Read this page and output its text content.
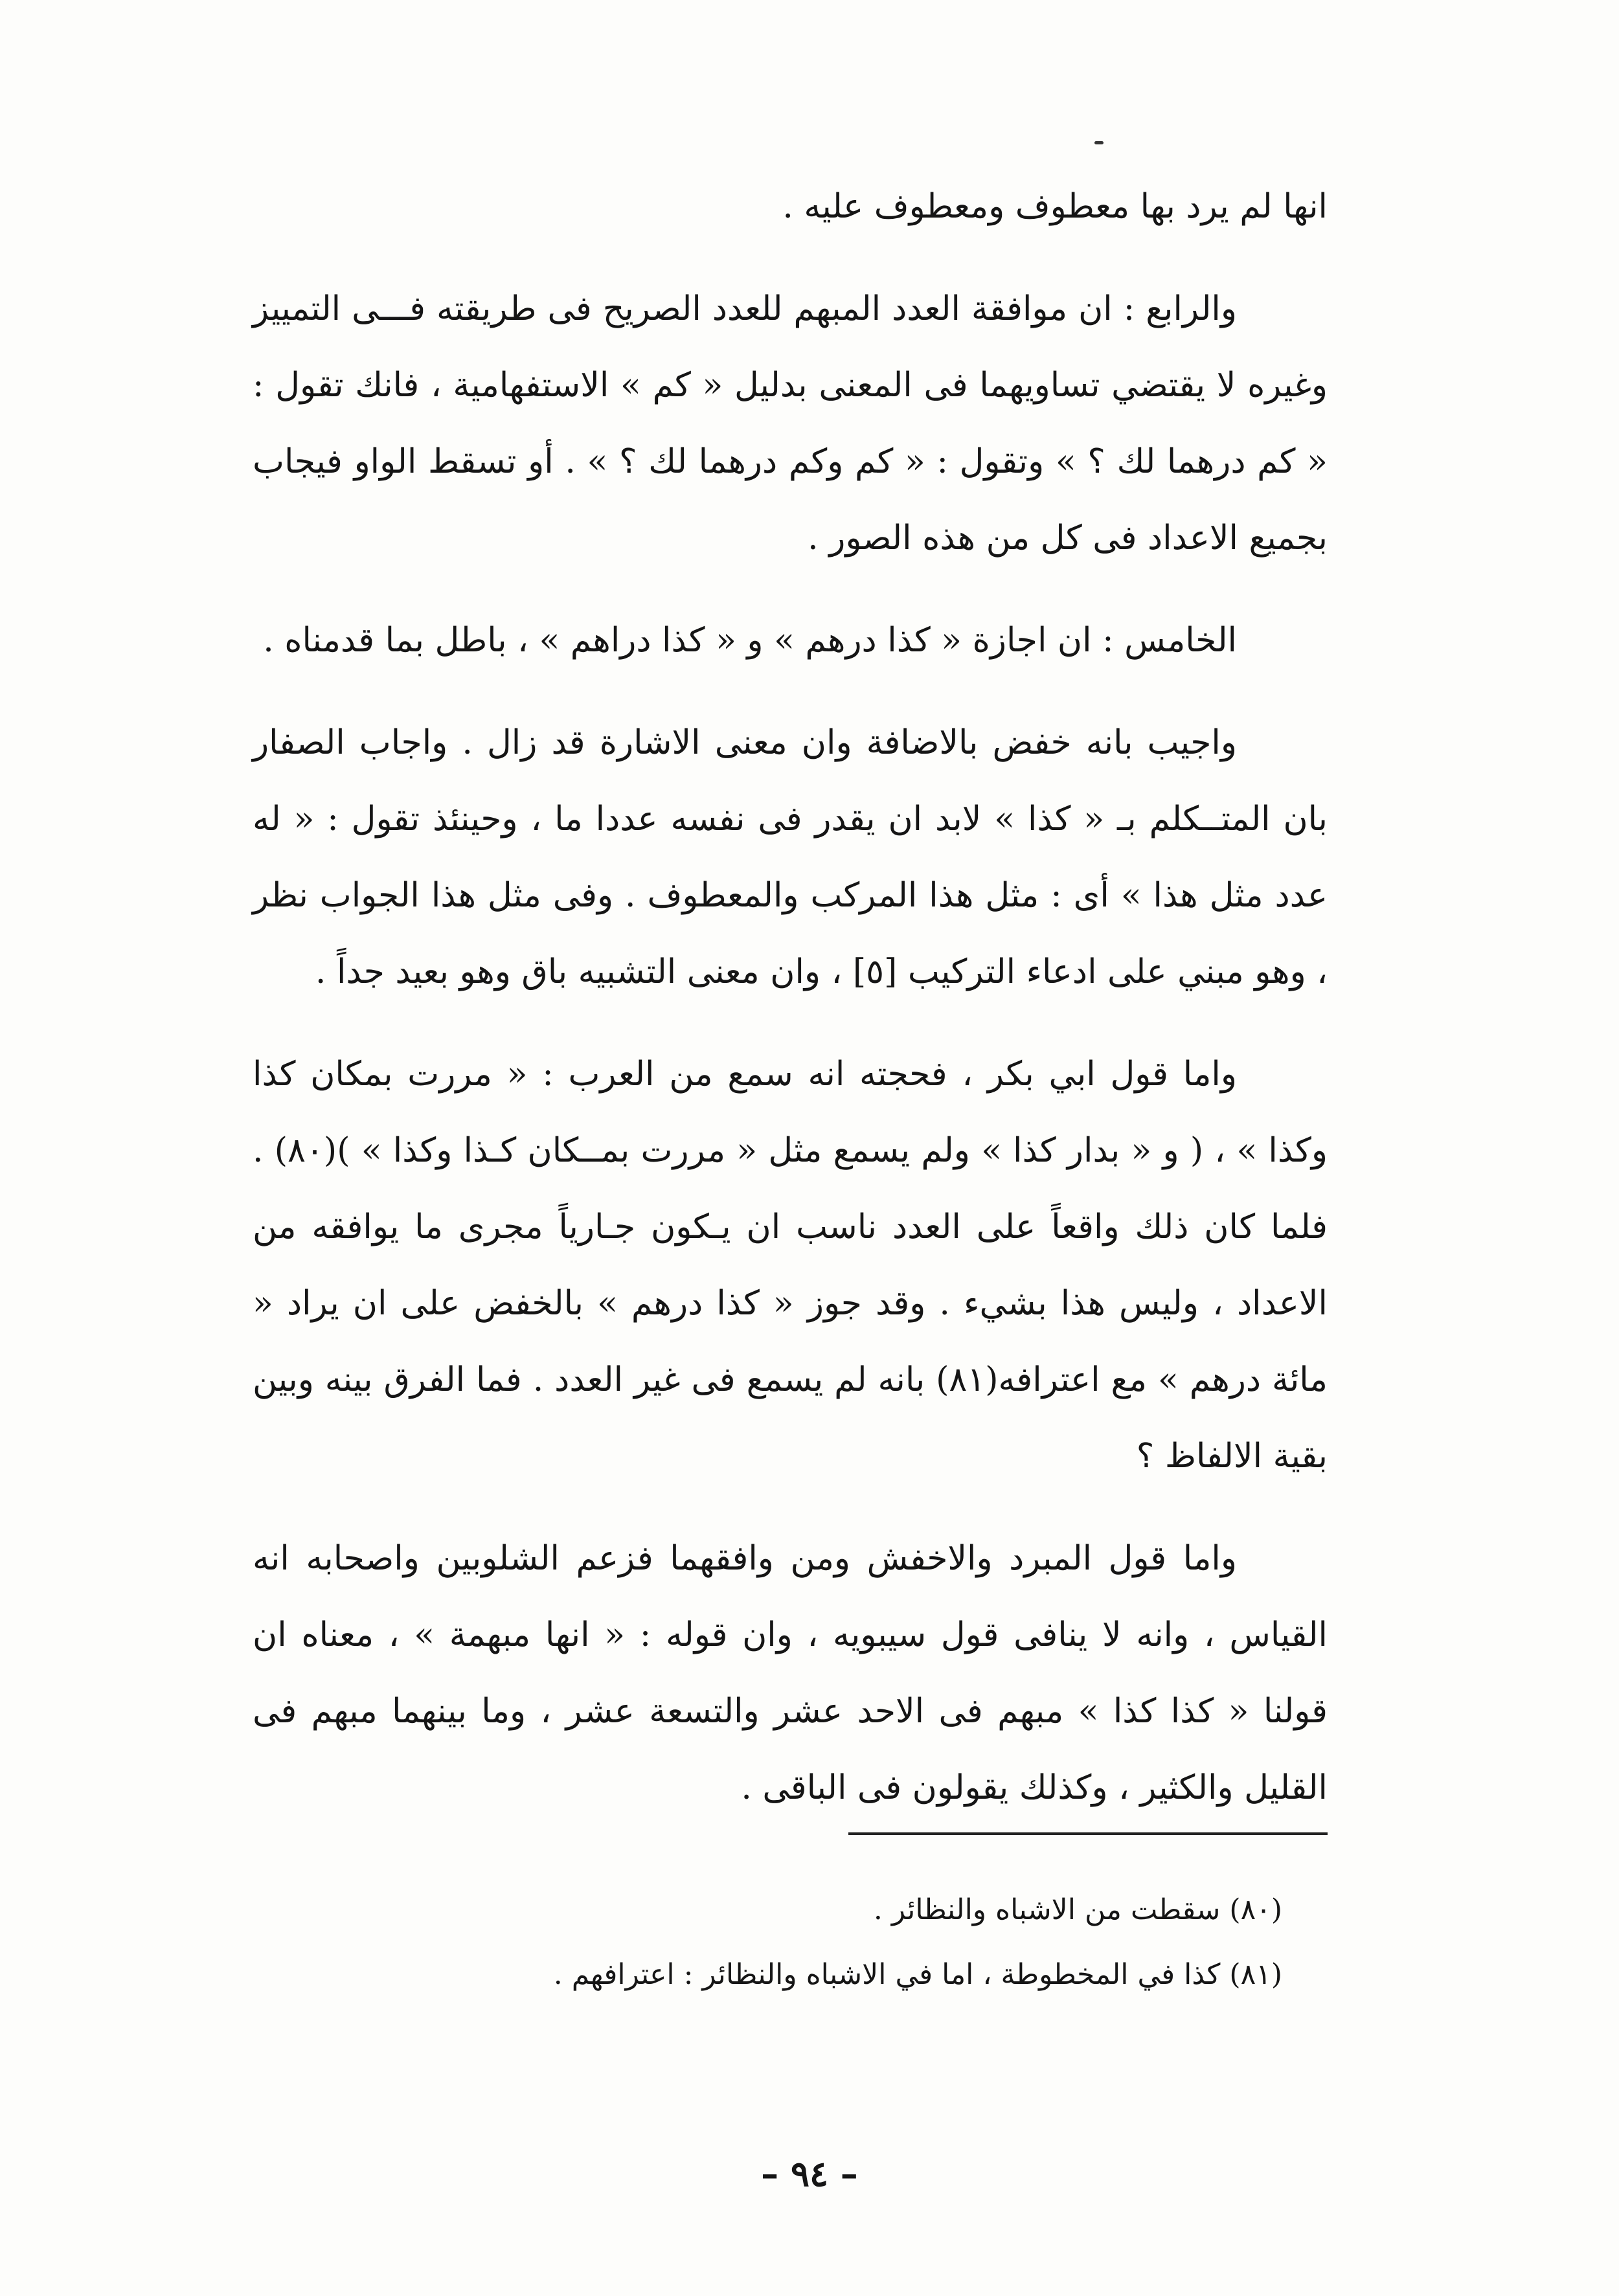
انها لم يرد بها معطوف ومعطوف عليه .

والرابع : ان موافقة العدد المبهم للعدد الصريح فى طريقته فـــى التمييز وغيره لا يقتضي تساويهما فى المعنى بدليل « كم » الاستفهامية ، فانك تقول : « كم درهما لك ؟ » وتقول : « كم وكم درهما لك ؟ » . أو تسقط الواو فيجاب بجميع الاعداد فى كل من هذه الصور .

الخامس : ان اجازة « كذا درهم » و « كذا دراهم » ، باطل بما قدمناه .

واجيب بانه خفض بالاضافة وان معنى الاشارة قد زال . واجاب الصفار بان المتــكلم بـ « كذا » لابد ان يقدر فى نفسه عددا ما ، وحينئذ تقول : « له عدد مثل هذا » أى : مثل هذا المركب والمعطوف . وفى مثل هذا الجواب نظر ، وهو مبني على ادعاء التركيب [٥] ، وان معنى التشبيه باق وهو بعيد جداً .

واما قول ابي بكر ، فحجته انه سمع من العرب : « مررت بمكان كذا وكذا » ، ( و « بدار كذا » ولم يسمع مثل « مررت بمــكان كـذا وكذا » )(٨٠) . فلما كان ذلك واقعاً على العدد ناسب ان يـكون جـارياً مجرى ما يوافقه من الاعداد ، وليس هذا بشيء . وقد جوز « كذا درهم » بالخفض على ان يراد « مائة درهم » مع اعترافه(٨١) بانه لم يسمع فى غير العدد . فما الفرق بينه وبين بقية الالفاظ ؟

واما قول المبرد والاخفش ومن وافقهما فزعم الشلوبين واصحابه انه القياس ، وانه لا ينافى قول سيبويه ، وان قوله : « انها مبهمة » ، معناه ان قولنا « كذا كذا » مبهم فى الاحد عشر والتسعة عشر ، وما بينهما مبهم فى القليل والكثير ، وكذلك يقولون فى الباقى .

(٨٠) سقطت من الاشباه والنظائر .

(٨١) كذا في المخطوطة ، اما في الاشباه والنظائر : اعترافهم .

– ٩٤ –
